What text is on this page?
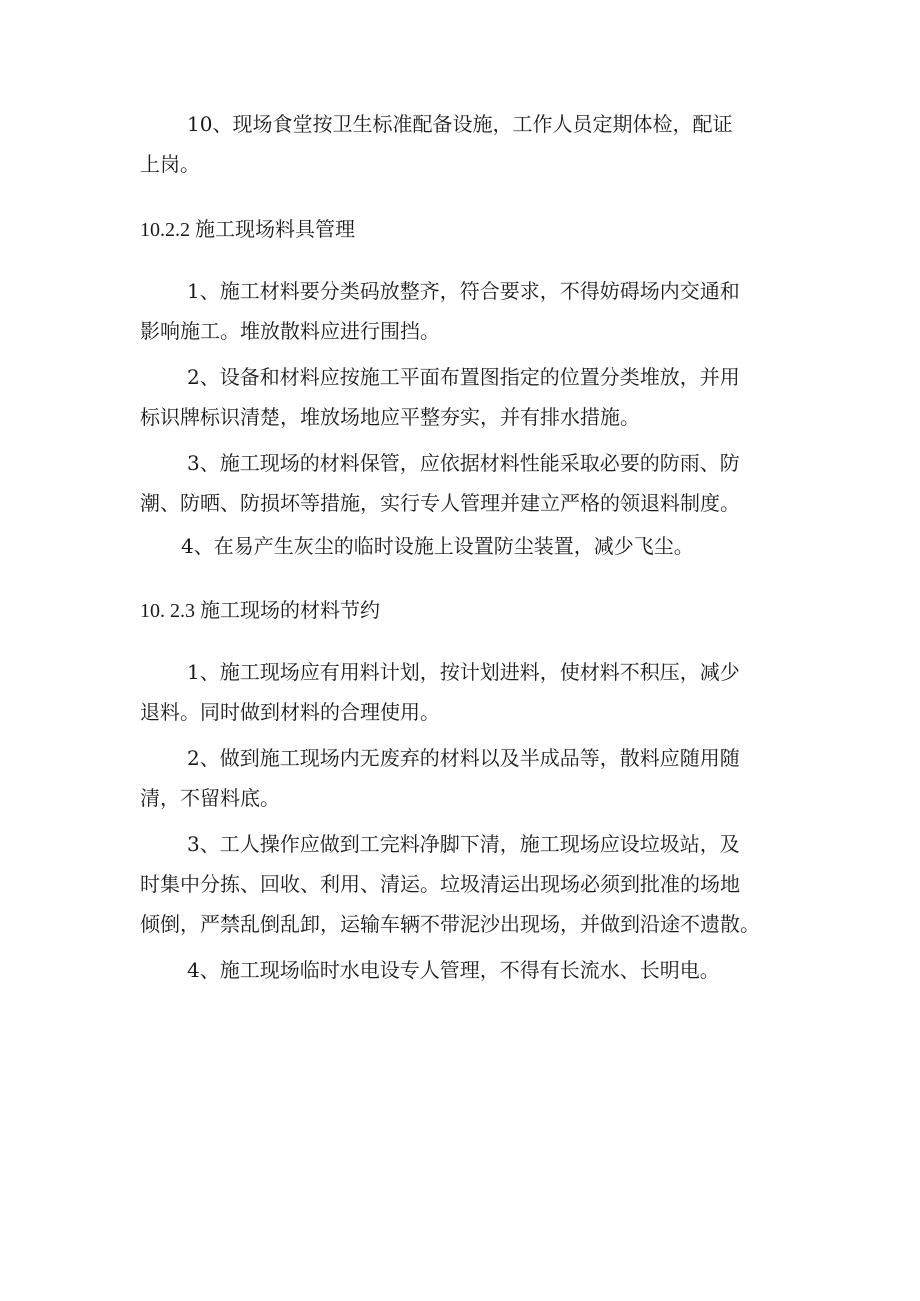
10、现场食堂按卫生标准配备设施，工作人员定期体检，配证
上岗。
10.2.2 施工现场料具管理
1、施工材料要分类码放整齐，符合要求，不得妨碍场内交通和
影响施工。堆放散料应进行围挡。
2、设备和材料应按施工平面布置图指定的位置分类堆放，并用
标识牌标识清楚，堆放场地应平整夯实，并有排水措施。
3、施工现场的材料保管，应依据材料性能采取必要的防雨、防
潮、防晒、防损坏等措施，实行专人管理并建立严格的领退料制度。
4、在易产生灰尘的临时设施上设置防尘装置，减少飞尘。
10. 2.3 施工现场的材料节约
1、施工现场应有用料计划，按计划进料，使材料不积压，减少
退料。同时做到材料的合理使用。
2、做到施工现场内无废弃的材料以及半成品等，散料应随用随
清，不留料底。
3、工人操作应做到工完料净脚下清，施工现场应设垃圾站，及
时集中分拣、回收、利用、清运。垃圾清运出现场必须到批准的场地
倾倒，严禁乱倒乱卸，运输车辆不带泥沙出现场，并做到沿途不遗散。
4、施工现场临时水电设专人管理，不得有长流水、长明电。
